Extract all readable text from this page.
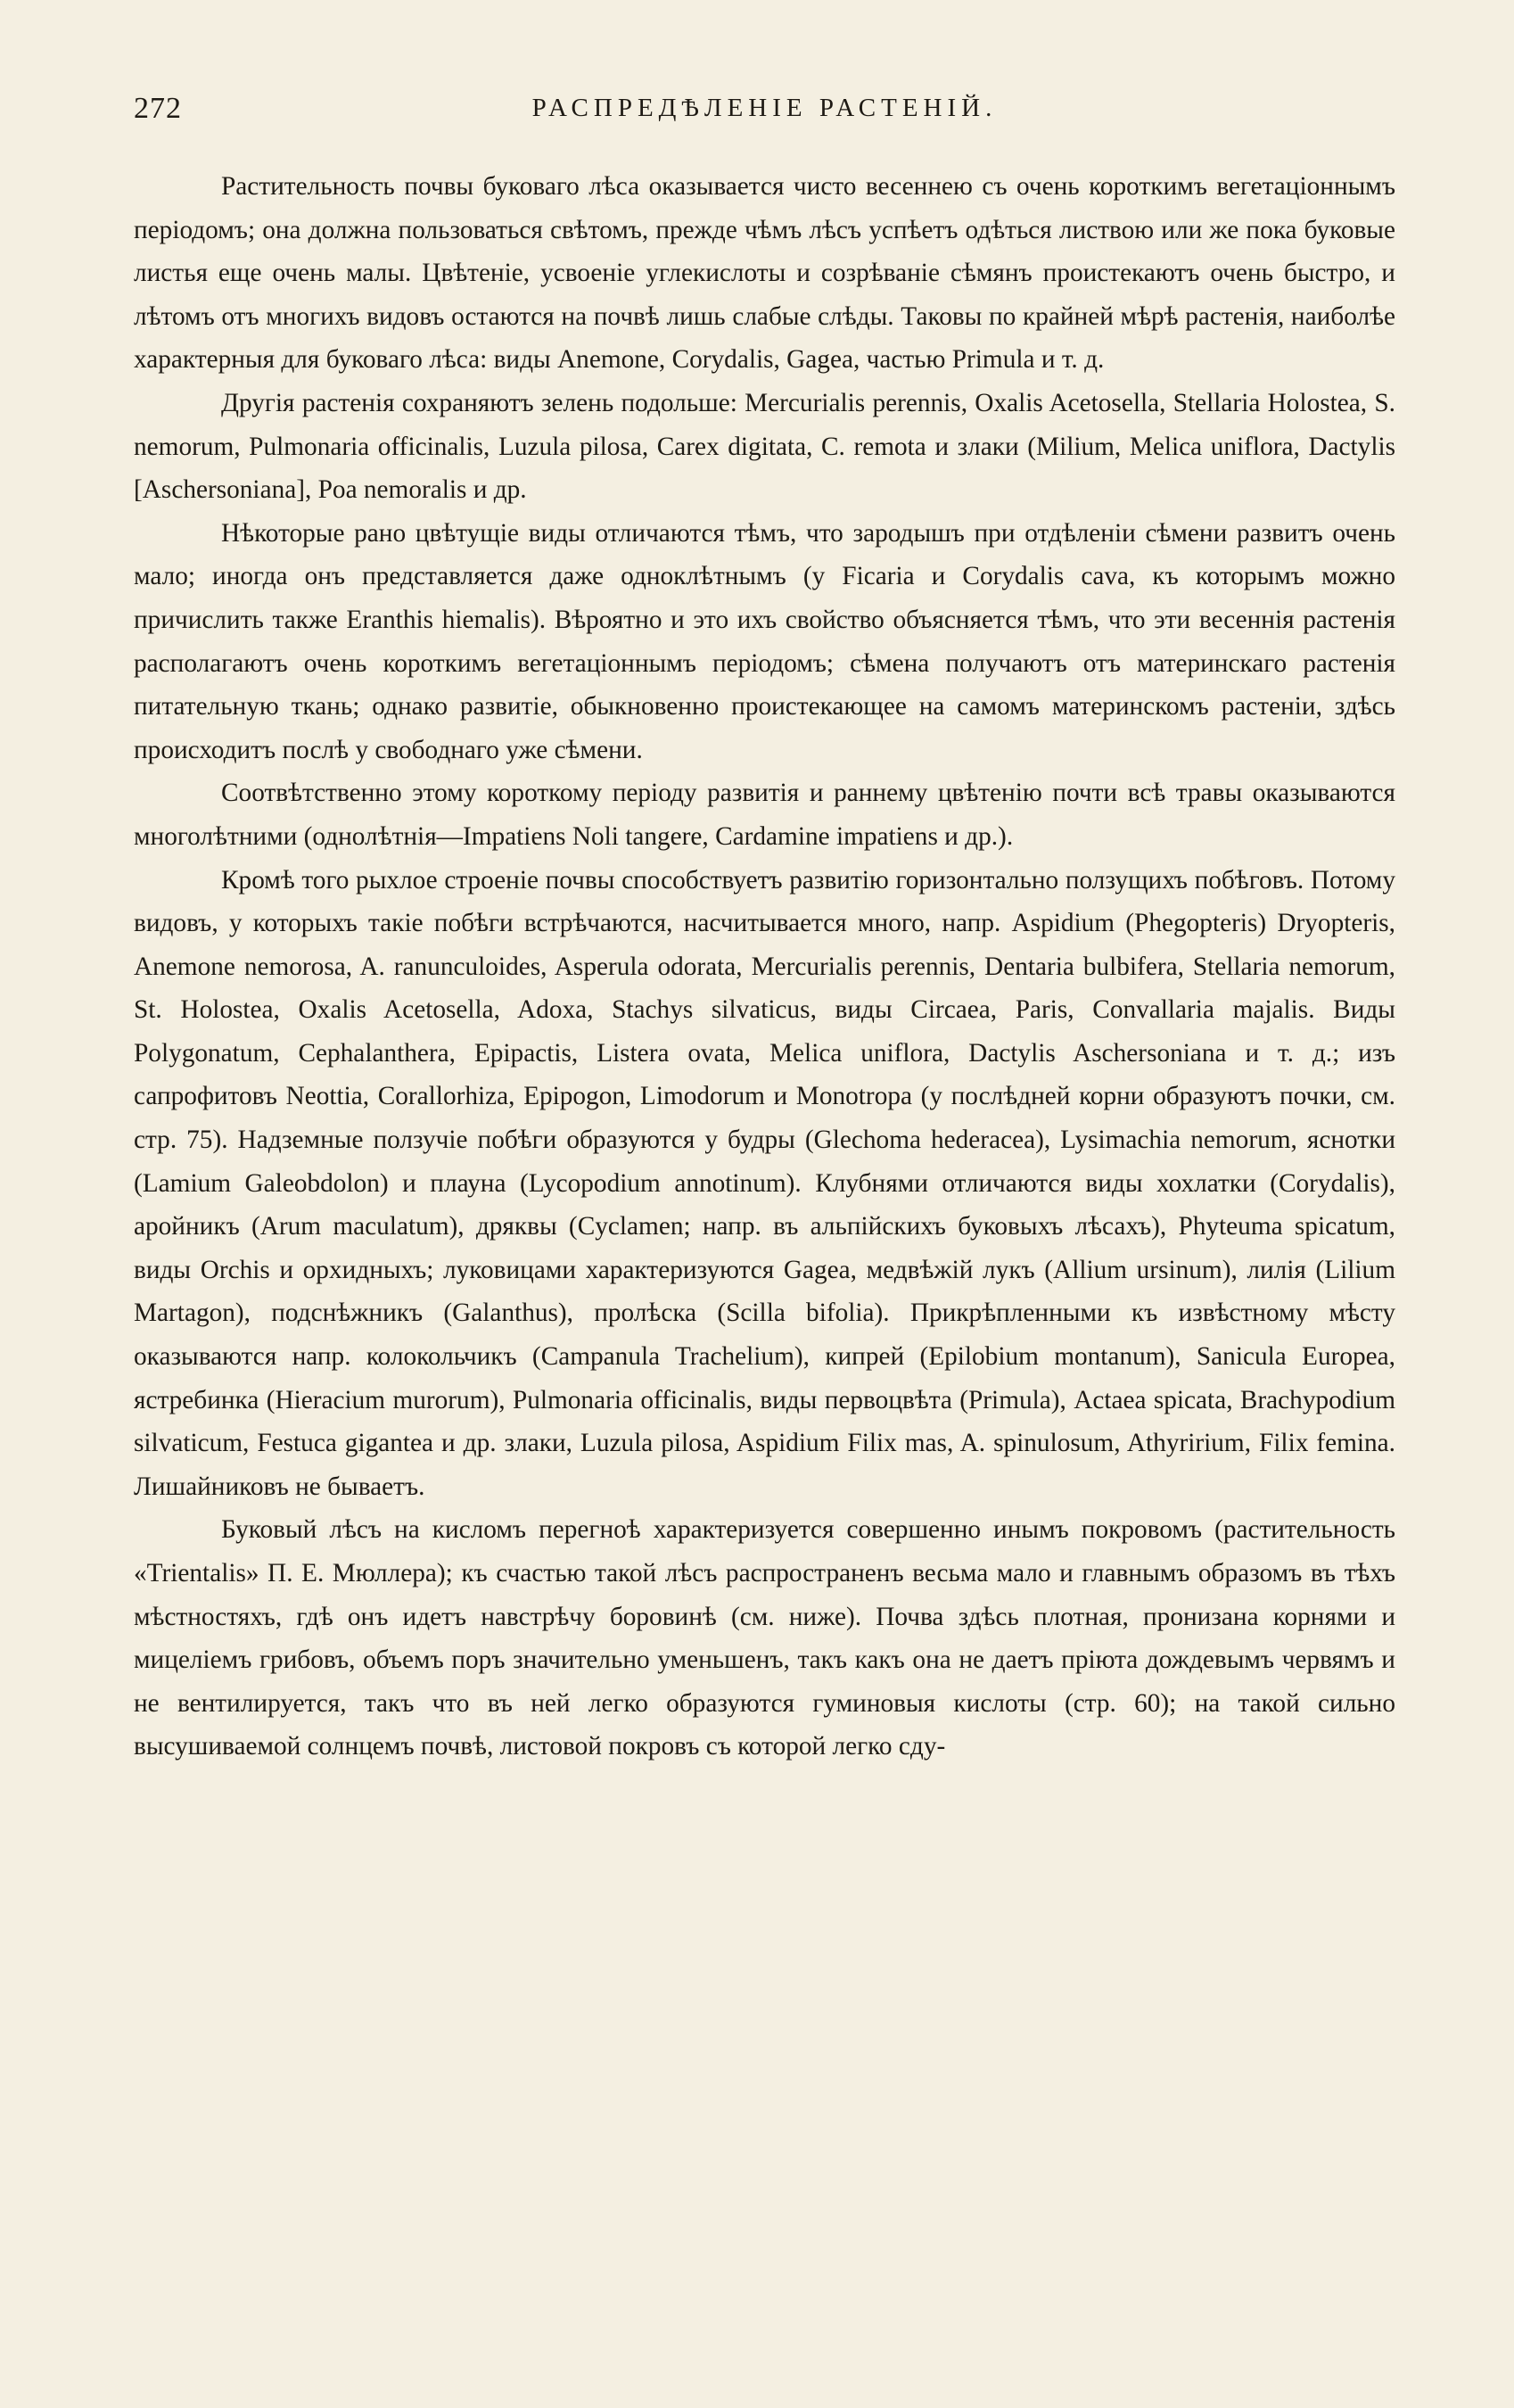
272	РАСПРЕДѢЛЕНІЕ РАСТЕНІЙ.

Растительность почвы буковаго лѣса оказывается чисто весеннею съ очень короткимъ вегетаціоннымъ періодомъ; она должна пользоваться свѣтомъ, прежде чѣмъ лѣсъ успѣетъ одѣться листвою или же пока буковые листья еще очень малы. Цвѣтеніе, усвоеніе углекислоты и созрѣваніе сѣмянъ проистекаютъ очень быстро, и лѣтомъ отъ многихъ видовъ остаются на почвѣ лишь слабые слѣды. Таковы по крайней мѣрѣ растенія, наиболѣе характерныя для буковаго лѣса: виды Anemone, Corydalis, Gagea, частью Primula и т. д.

Другія растенія сохраняютъ зелень подольше: Mercurialis perennis, Oxalis Acetosella, Stellaria Holostea, S. nemorum, Pulmonaria officinalis, Luzula pilosa, Carex digitata, C. remota и злаки (Milium, Melica uniflora, Dactylis [Aschersoniana], Poa nemoralis и др.

Нѣкоторые рано цвѣтущіе виды отличаются тѣмъ, что зародышъ при отдѣленіи сѣмени развитъ очень мало; иногда онъ представляется даже одноклѣтнымъ (у Ficaria и Corydalis cava, къ которымъ можно причислить также Eranthis hiemalis). Вѣроятно и это ихъ свойство объясняется тѣмъ, что эти весеннія растенія располагаютъ очень короткимъ вегетаціоннымъ періодомъ; сѣмена получаютъ отъ материнскаго растенія питательную ткань; однако развитіе, обыкновенно проистекающее на самомъ материнскомъ растеніи, здѣсь происходитъ послѣ у свободнаго уже сѣмени.

Соотвѣтственно этому короткому періоду развитія и раннему цвѣтенію почти всѣ травы оказываются многолѣтними (однолѣтнія—Impatiens Noli tangere, Cardamine impatiens и др.).

Кромѣ того рыхлое строеніе почвы способствуетъ развитію горизонтально ползущихъ побѣговъ. Потому видовъ, у которыхъ такіе побѣги встрѣчаются, насчитывается много, напр. Aspidium (Phegopteris) Dryopteris, Anemone nemorosa, A. ranunculoides, Asperula odorata, Mercurialis perennis, Dentaria bulbifera, Stellaria nemorum, St. Holostea, Oxalis Acetosella, Adoxa, Stachys silvaticus, виды Circaea, Paris, Convallaria majalis. Виды Polygonatum, Cephalanthera, Epipactis, Listera ovata, Melica uniflora, Dactylis Aschersoniana и т. д.; изъ сапрофитовъ Neottia, Corallorhiza, Epipogon, Limodorum и Monotropa (у послѣдней корни образуютъ почки, см. стр. 75). Надземные ползучіе побѣги образуются у будры (Glechoma hederacea), Lysimachia nemorum, яснотки (Lamium Galeobdolon) и плауна (Lycopodium annotinum). Клубнями отличаются виды хохлатки (Corydalis), аройникъ (Arum maculatum), дряквы (Cyclamen; напр. въ альпійскихъ буковыхъ лѣсахъ), Phyteuma spicatum, виды Orchis и орхидныхъ; луковицами характеризуются Gagea, медвѣжій лукъ (Allium ursinum), лилія (Lilium Martagon), подснѣжникъ (Galanthus), пролѣска (Scilla bifolia). Прикрѣпленными къ извѣстному мѣсту оказываются напр. колокольчикъ (Campanula Trachelium), кипрей (Epilobium montanum), Sanicula Europea, ястребинка (Hieracium murorum), Pulmonaria officinalis, виды первоцвѣта (Primula), Actaea spicata, Brachypodium silvaticum, Festuca gigantea и др. злаки, Luzula pilosa, Aspidium Filix mas, A. spinulosum, Athyririum, Filix femina. Лишайниковъ не бываетъ.

Буковый лѣсъ на кисломъ перегноѣ характеризуется совершенно инымъ покровомъ (растительность «Trientalis» П. Е. Мюллера); къ счастью такой лѣсъ распространенъ весьма мало и главнымъ образомъ въ тѣхъ мѣстностяхъ, гдѣ онъ идетъ навстрѣчу боровинѣ (см. ниже). Почва здѣсь плотная, пронизана корнями и мицеліемъ грибовъ, объемъ поръ значительно уменьшенъ, такъ какъ она не даетъ пріюта дождевымъ червямъ и не вентилируется, такъ что въ ней легко образуются гуминовыя кислоты (стр. 60); на такой сильно высушиваемой солнцемъ почвѣ, листовой покровъ съ которой легко сду-
